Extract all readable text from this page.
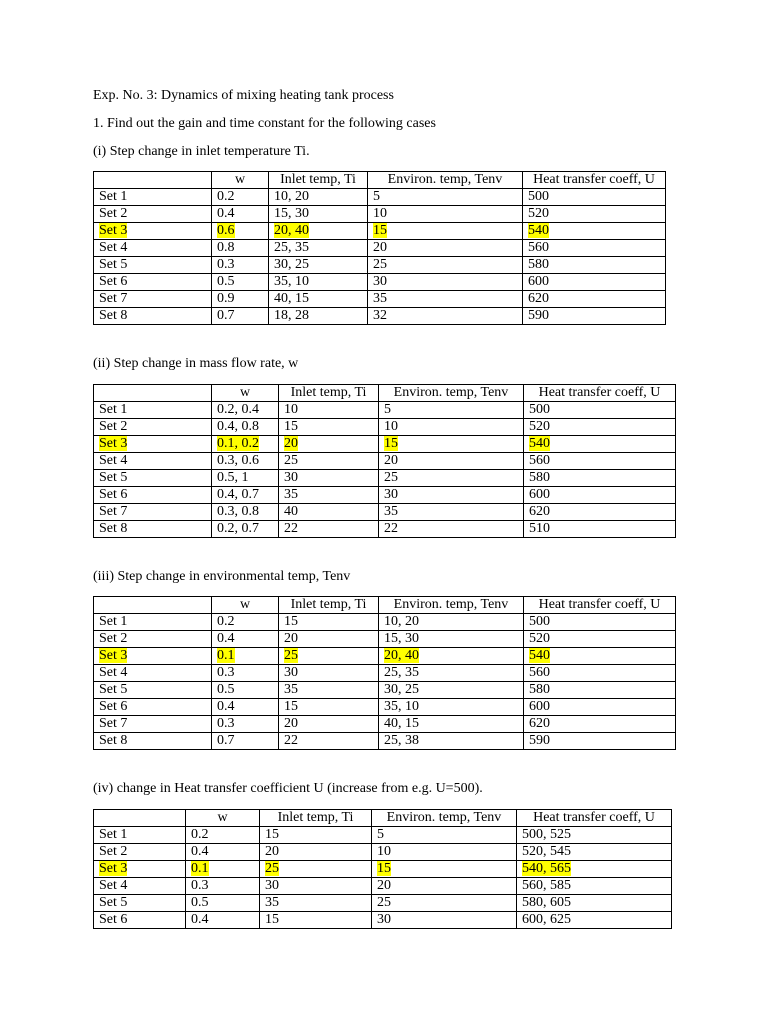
Exp. No. 3: Dynamics of mixing heating tank process
1. Find out the gain and time constant for the following cases
(i) Step change in inlet temperature Ti.
	w	Inlet temp, Ti	Environ. temp, Tenv	Heat transfer coeff, U
Set 1	0.2	10, 20	5	500
Set 2	0.4	15, 30	10	520
Set 3	0.6	20, 40	15	540
Set 4	0.8	25, 35	20	560
Set 5	0.3	30, 25	25	580
Set 6	0.5	35, 10	30	600
Set 7	0.9	40, 15	35	620
Set 8	0.7	18, 28	32	590
(ii) Step change in mass flow rate, w
	w	Inlet temp, Ti	Environ. temp, Tenv	Heat transfer coeff, U
Set 1	0.2, 0.4	10	5	500
Set 2	0.4, 0.8	15	10	520
Set 3	0.1, 0.2	20	15	540
Set 4	0.3, 0.6	25	20	560
Set 5	0.5, 1	30	25	580
Set 6	0.4, 0.7	35	30	600
Set 7	0.3, 0.8	40	35	620
Set 8	0.2, 0.7	22	22	510
(iii) Step change in environmental temp, Tenv
	w	Inlet temp, Ti	Environ. temp, Tenv	Heat transfer coeff, U
Set 1	0.2	15	10, 20	500
Set 2	0.4	20	15, 30	520
Set 3	0.1	25	20, 40	540
Set 4	0.3	30	25, 35	560
Set 5	0.5	35	30, 25	580
Set 6	0.4	15	35, 10	600
Set 7	0.3	20	40, 15	620
Set 8	0.7	22	25, 38	590
(iv) change in Heat transfer coefficient U (increase from e.g. U=500).
	w	Inlet temp, Ti	Environ. temp, Tenv	Heat transfer coeff, U
Set 1	0.2	15	5	500, 525
Set 2	0.4	20	10	520, 545
Set 3	0.1	25	15	540, 565
Set 4	0.3	30	20	560, 585
Set 5	0.5	35	25	580, 605
Set 6	0.4	15	30	600, 625
